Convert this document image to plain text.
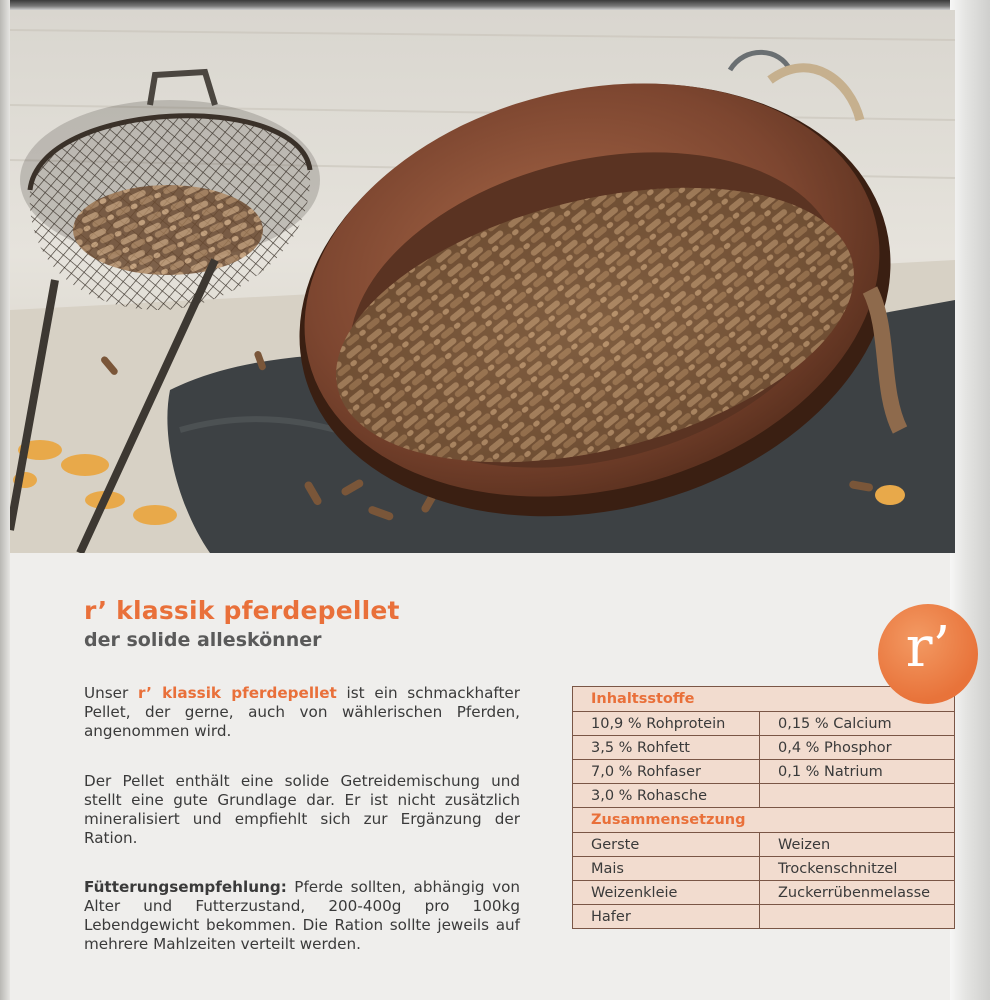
r’ klassik pferdepellet
der solide alleskönner

Unser r’ klassik pferdepellet ist ein schmackhafter Pellet, der gerne, auch von wählerischen Pferden, angenommen wird.

Der Pellet enthält eine solide Getreidemischung und stellt eine gute Grundlage dar. Er ist nicht zusätzlich mineralisiert und empfiehlt sich zur Ergänzung der Ration.

Fütterungsempfehlung: Pferde sollten, abhängig von Alter und Futterzustand, 200-400g pro 100kg Lebendgewicht bekommen. Die Ration sollte jeweils auf mehrere Mahlzeiten verteilt werden.

r’
Inhaltsstoffe	
10,9 % Rohprotein	0,15 % Calcium
3,5 % Rohfett	0,4 % Phosphor
7,0 % Rohfaser	0,1 % Natrium
3,0 % Rohasche	
Zusammensetzung	
Gerste	Weizen
Mais	Trockenschnitzel
Weizenkleie	Zuckerrübenmelasse
Hafer	
